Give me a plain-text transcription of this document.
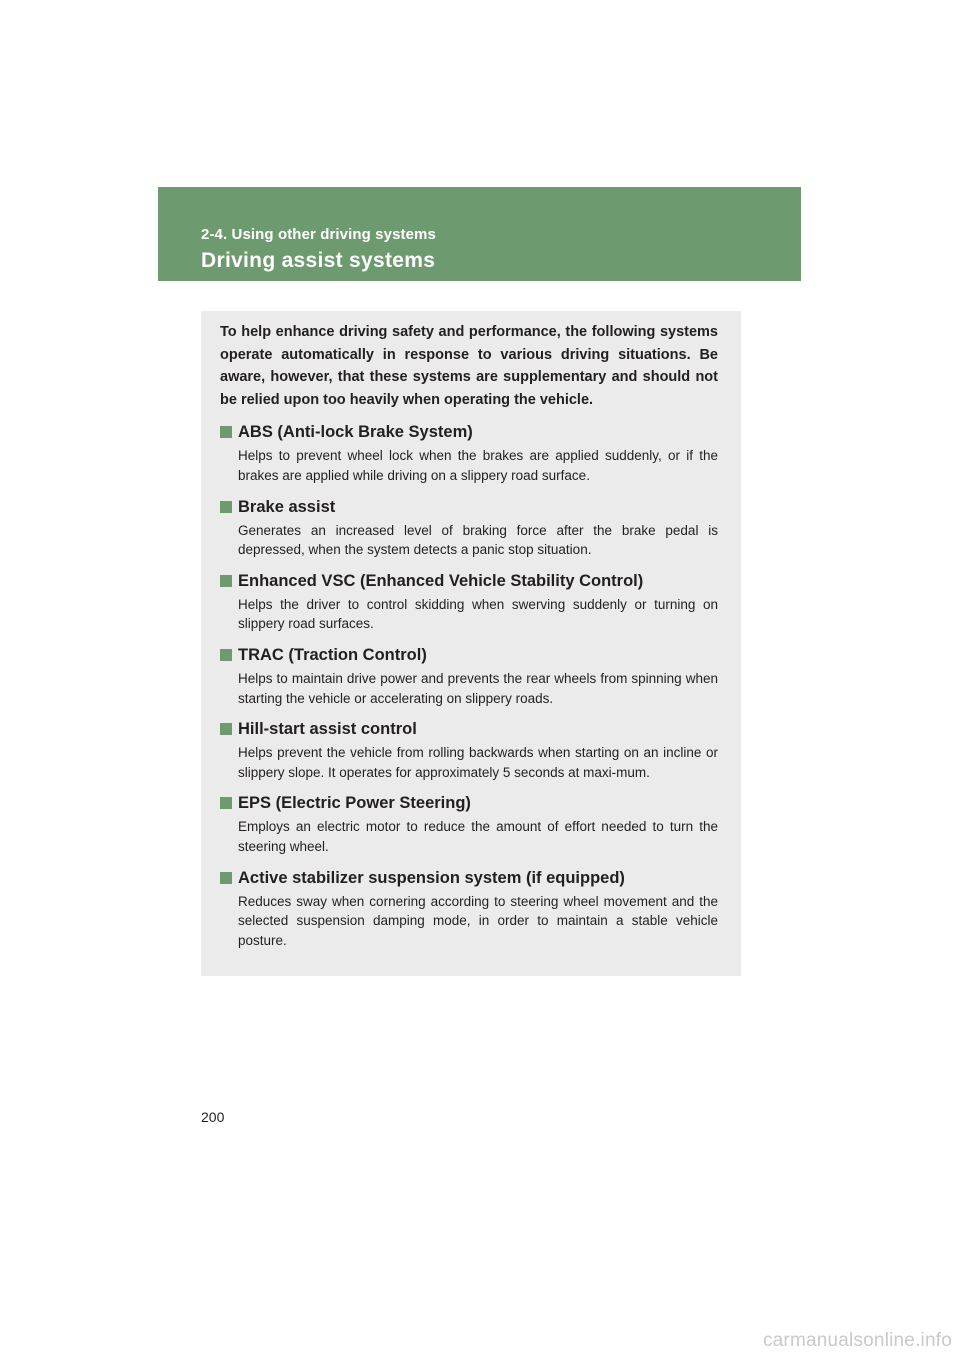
2-4. Using other driving systems
Driving assist systems

To help enhance driving safety and performance, the following systems operate automatically in response to various driving situations. Be aware, however, that these systems are supplementary and should not be relied upon too heavily when operating the vehicle.

ABS (Anti-lock Brake System)

Helps to prevent wheel lock when the brakes are applied suddenly, or if the brakes are applied while driving on a slippery road surface.

Brake assist

Generates an increased level of braking force after the brake pedal is depressed, when the system detects a panic stop situation.

Enhanced VSC (Enhanced Vehicle Stability Control)

Helps the driver to control skidding when swerving suddenly or turning on slippery road surfaces.

TRAC (Traction Control)

Helps to maintain drive power and prevents the rear wheels from spinning when starting the vehicle or accelerating on slippery roads.

Hill-start assist control

Helps prevent the vehicle from rolling backwards when starting on an incline or slippery slope. It operates for approximately 5 seconds at maxi-mum.

EPS (Electric Power Steering)

Employs an electric motor to reduce the amount of effort needed to turn the steering wheel.

Active stabilizer suspension system (if equipped)

Reduces sway when cornering according to steering wheel movement and the selected suspension damping mode, in order to maintain a stable vehicle posture.

200
carmanualsonline.info
